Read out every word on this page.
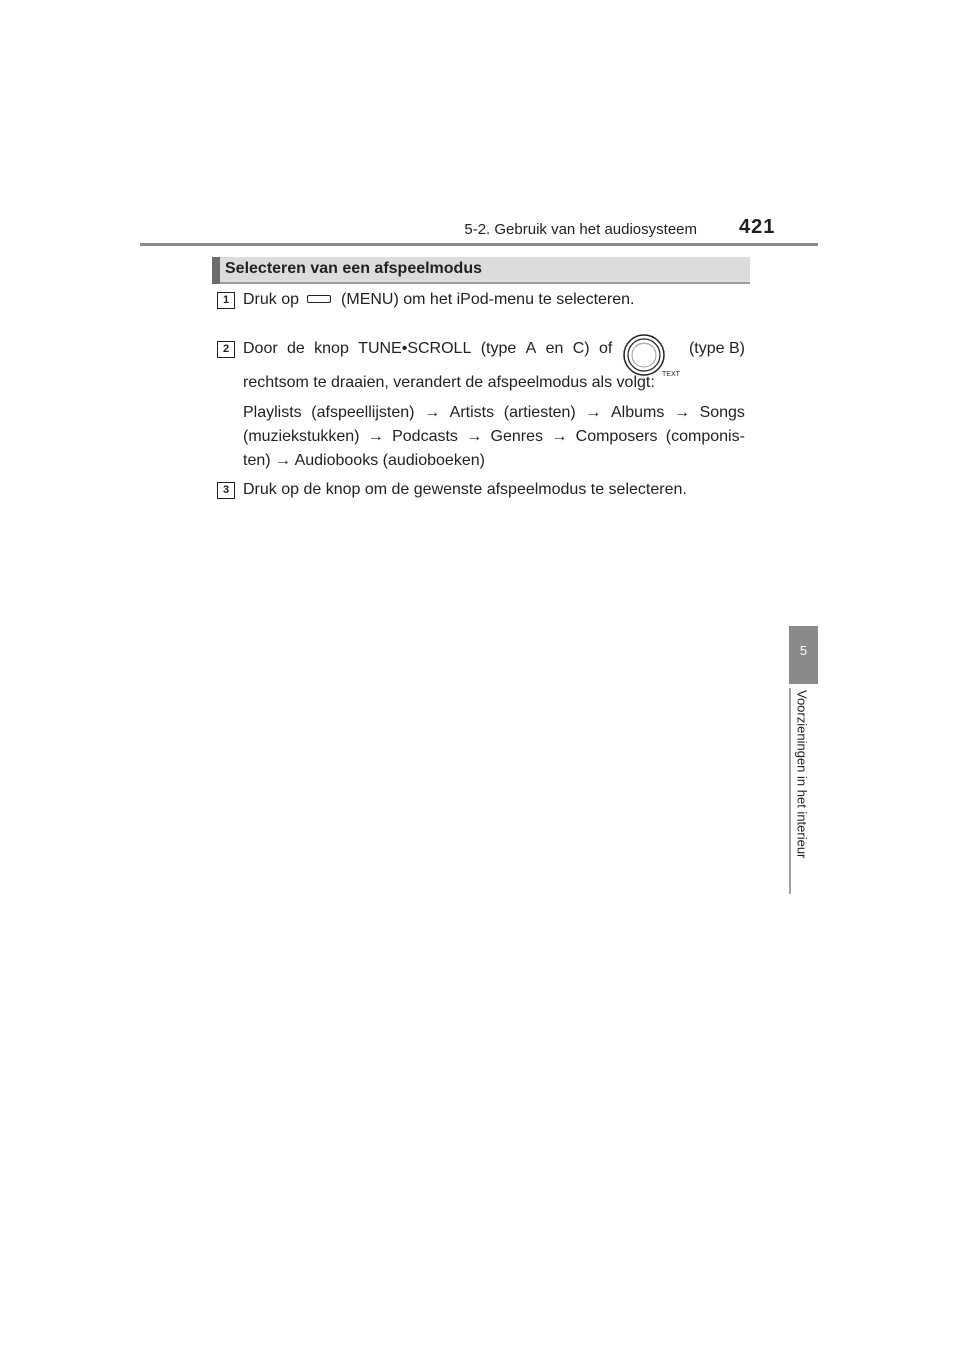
5-2. Gebruik van het audiosysteem 421
5
Voorzieningen in het interieur
Selecteren van een afspeelmodus
1 Druk op	(MENU) om het iPod-menu te selecteren.
2 Door de knop TUNE•SCROLL (type A en C) of
TEXT
(type B)
rechtsom te draaien, verandert de afspeelmodus als volgt:
Playlists (afspeellijsten) → Artists (artiesten) → Albums → Songs
(muziekstukken) → Podcasts → Genres → Composers (componis-
ten) → Audiobooks (audioboeken)
3 Druk op de knop om de gewenste afspeelmodus te selecteren.
